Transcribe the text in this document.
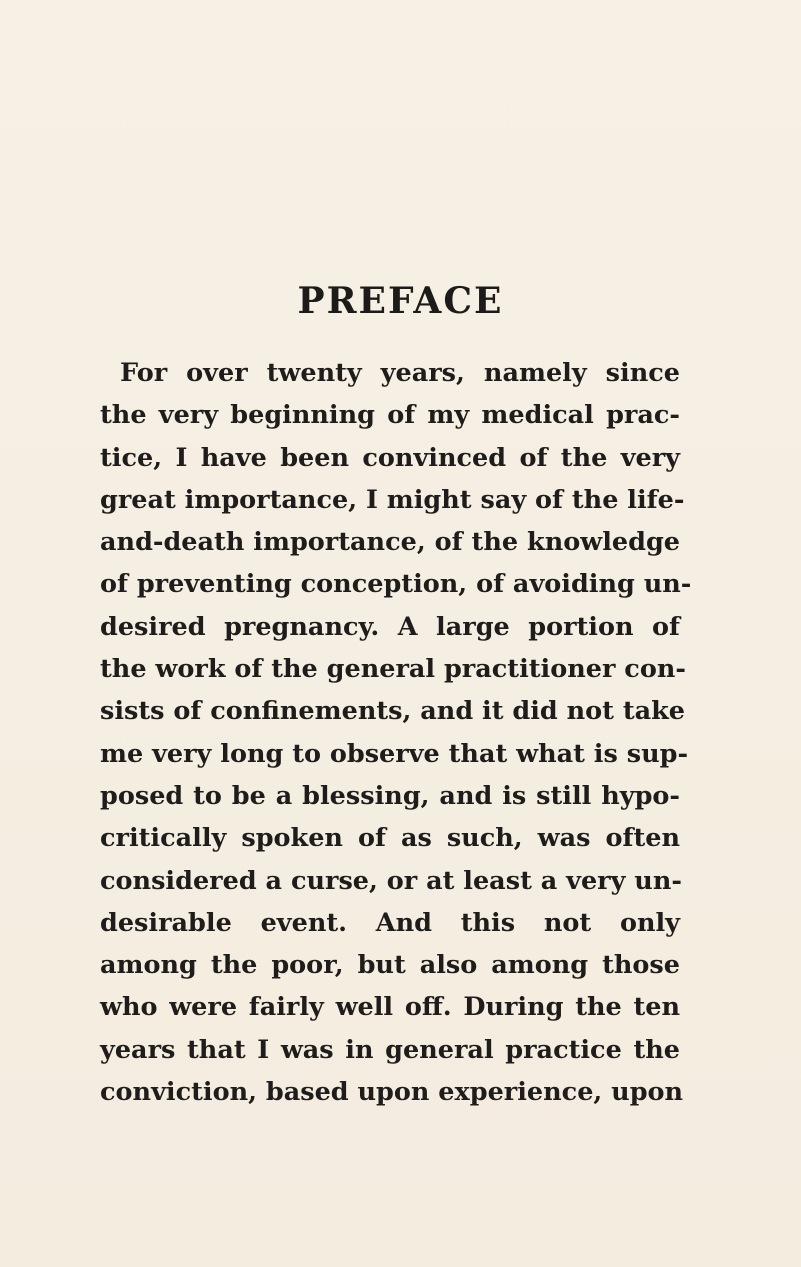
PREFACE
For over twenty years, namely since
the very beginning of my medical prac-
tice, I have been convinced of the very
great importance, I might say of the life-
and-death importance, of the knowledge
of preventing conception, of avoiding un-
desired pregnancy. A large portion of
the work of the general practitioner con-
sists of confinements, and it did not take
me very long to observe that what is sup-
posed to be a blessing, and is still hypo-
critically spoken of as such, was often
considered a curse, or at least a very un-
desirable event. And this not only
among the poor, but also among those
who were fairly well off. During the ten
years that I was in general practice the
conviction, based upon experience, upon
